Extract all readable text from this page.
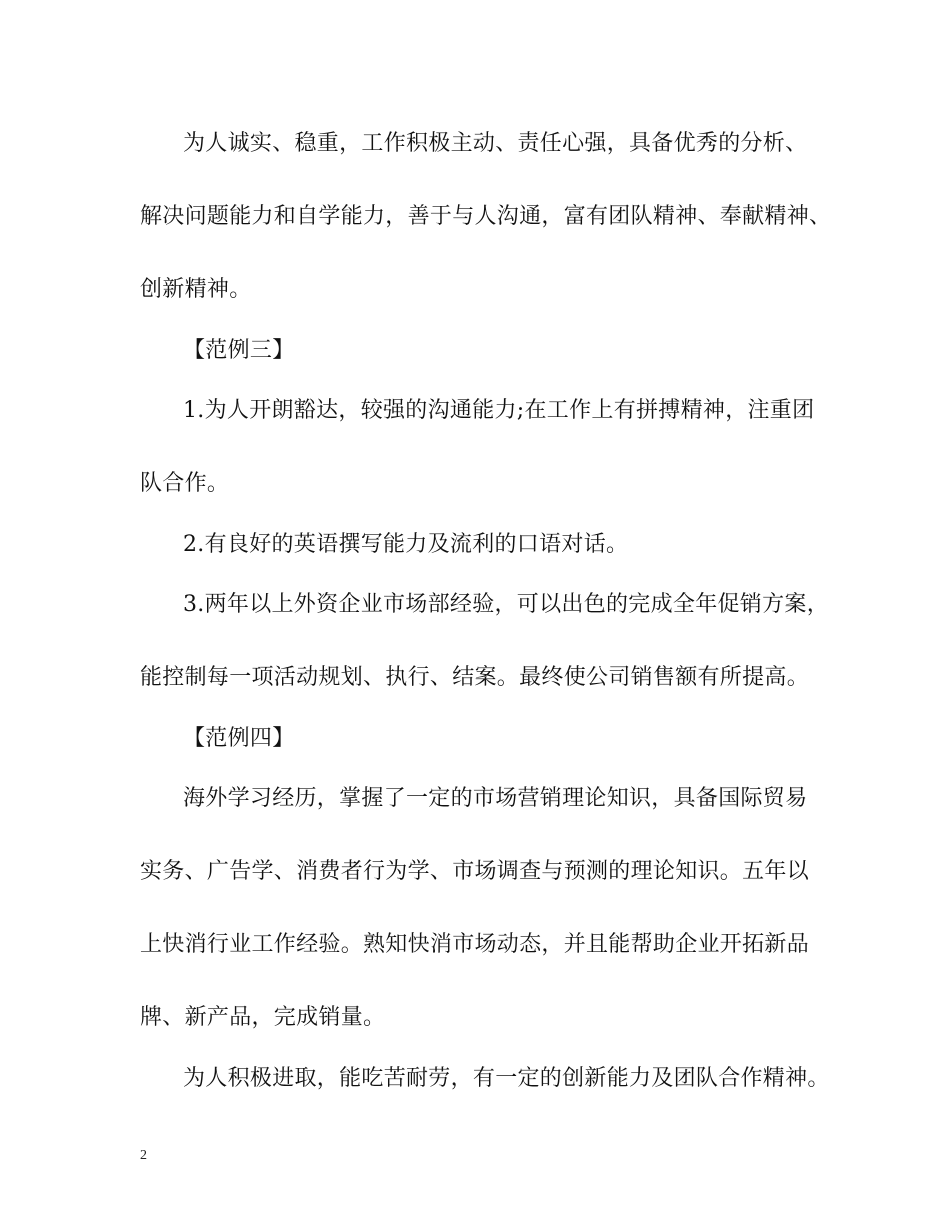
为人诚实、稳重，工作积极主动、责任心强，具备优秀的分析、
解决问题能力和自学能力，善于与人沟通，富有团队精神、奉献精神、
创新精神。
【范例三】
1.为人开朗豁达，较强的沟通能力;在工作上有拼搏精神，注重团
队合作。
2.有良好的英语撰写能力及流利的口语对话。
3.两年以上外资企业市场部经验，可以出色的完成全年促销方案，
能控制每一项活动规划、执行、结案。最终使公司销售额有所提高。
【范例四】
海外学习经历，掌握了一定的市场营销理论知识，具备国际贸易
实务、广告学、消费者行为学、市场调查与预测的理论知识。五年以
上快消行业工作经验。熟知快消市场动态，并且能帮助企业开拓新品
牌、新产品，完成销量。
为人积极进取，能吃苦耐劳，有一定的创新能力及团队合作精神。
2
